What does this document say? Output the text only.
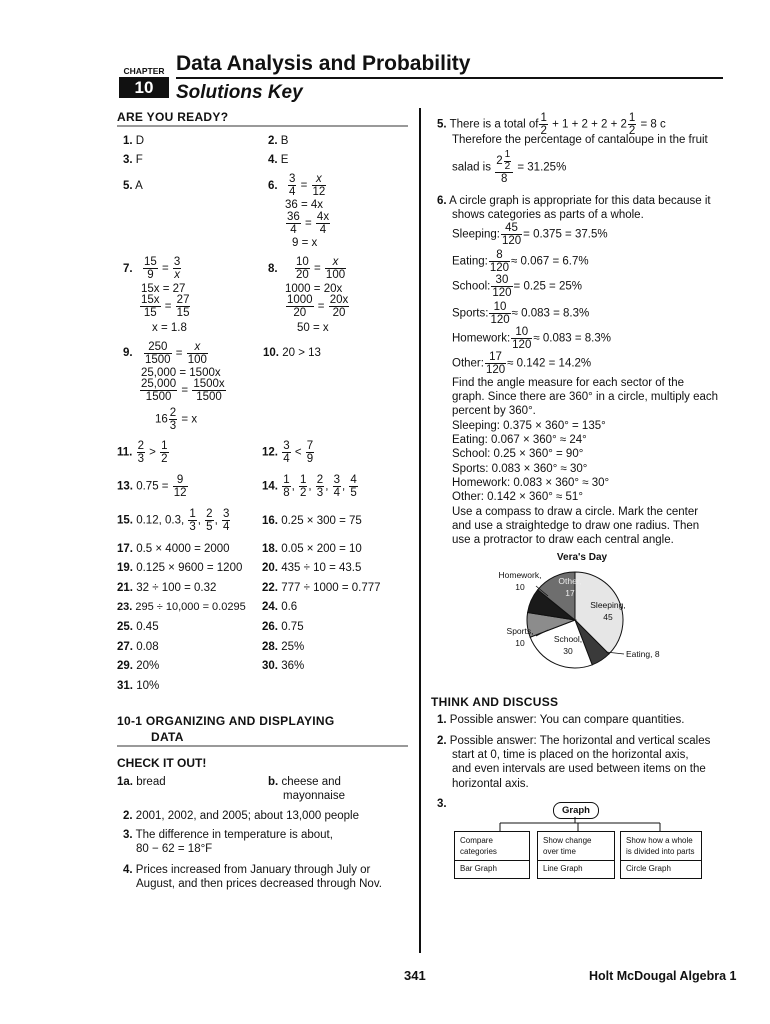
CHAPTER
10
Data Analysis and Probability
Solutions Key
ARE YOU READY?
1. D	2. B
3. F	4. E
5. A	6. $\frac{3}{4} = \frac{x}{12}$
36 = 4x
$\frac{36}{4} = \frac{4x}{4}$
9 = x
7. $\frac{15}{9} = \frac{3}{x}$
15x = 27
$\frac{15x}{15} = \frac{27}{15}$
x = 1.8
8. $\frac{10}{20} = \frac{x}{100}$
1000 = 20x
$\frac{1000}{20} = \frac{20x}{20}$
50 = x
9. $\frac{250}{1500} = \frac{x}{100}$
25,000 = 1500x
$\frac{25,000}{1500} = \frac{1500x}{1500}$
$16 \frac{2}{3} = x$
10. 20 > 13
11. $\frac{2}{3} > \frac{1}{2}$	12. $\frac{3}{4} < \frac{7}{9}$
13. $0.75 = \frac{9}{12}$	14. $\frac{1}{8}$ , $\frac{1}{2}$ , $\frac{2}{3}$ , $\frac{3}{4}$ , $\frac{4}{5}$
15. 0.12, 0.3, $\frac{1}{3}$ , $\frac{2}{5}$ , $\frac{3}{4}$	16. 0.25 × 300 = 75
17. 0.5 × 4000 = 2000	18. 0.05 × 200 = 10
19. 0.125 × 9600 = 1200 20. 435 ÷ 10 = 43.5
21. 32 ÷ 100 = 0.32	22. 777 ÷ 1000 = 0.777
23. 295 ÷ 10,000 = 0.0295 24. 0.6
25. 0.45	26. 0.75
27. 0.08	28. 25%
29. 20%	30. 36%
31. 10%
10-1 ORGANIZING AND DISPLAYING
DATA
CHECK IT OUT!
1a. bread	b. cheese and
mayonnaise
2. 2001, 2002, and 2005; about 13,000 people
3. The difference in temperature is about,
80 − 62 = 18°F
4. Prices increased from January through July or
August, and then prices decreased through Nov.
5. There is a total of $\frac{1}{2} + 1 + 2 + 2 + 2 \frac{1}{2} = 8$ c
Therefore the percentage of cantaloupe in the fruit
salad is $\frac{2 \frac{1}{2}}{8} = 31.25\%$
6. A circle graph is appropriate for this data because it
shows categories as parts of a whole.
Sleeping: $\frac{45}{120} = 0.375 = 37.5\%$
Eating: $\frac{8}{120} \approx 0.067 = 6.7\%$
School: $\frac{30}{120} = 0.25 = 25\%$
Sports: $\frac{10}{120} \approx 0.083 = 8.3\%$
Homework: $\frac{10}{120} \approx 0.083 = 8.3\%$
Other: $\frac{17}{120} \approx 0.142 = 14.2\%$
Find the angle measure for each sector of the
graph. Since there are 360° in a circle, multiply each
percent by 360°.
Sleeping: 0.375 × 360° = 135°
Eating: 0.067 × 360° ≈ 24°
School: 0.25 × 360° = 90°
Sports: 0.083 × 360° ≈ 30°
Homework: 0.083 × 360° ≈ 30°
Other: 0.142 × 360° ≈ 51°
Use a compass to draw a circle. Mark the center
and use a straightedge to draw one radius. Then
use a protractor to draw each central angle.
Vera's Day
Sleeping,
45
Eating, 8
School,
30
Sports,
10
Homework,
10
Other,
17
THINK AND DISCUSS
1. Possible answer: You can compare quantities.
2. Possible answer: The horizontal and vertical scales
start at 0, time is placed on the horizontal axis,
and even intervals are used between items on the
horizontal axis.
3.
Graph
Compare
categories
Bar Graph
Show change
over time
Line Graph
Show how a whole
is divided into parts
Circle Graph
341	Holt McDougal Algebra 1
